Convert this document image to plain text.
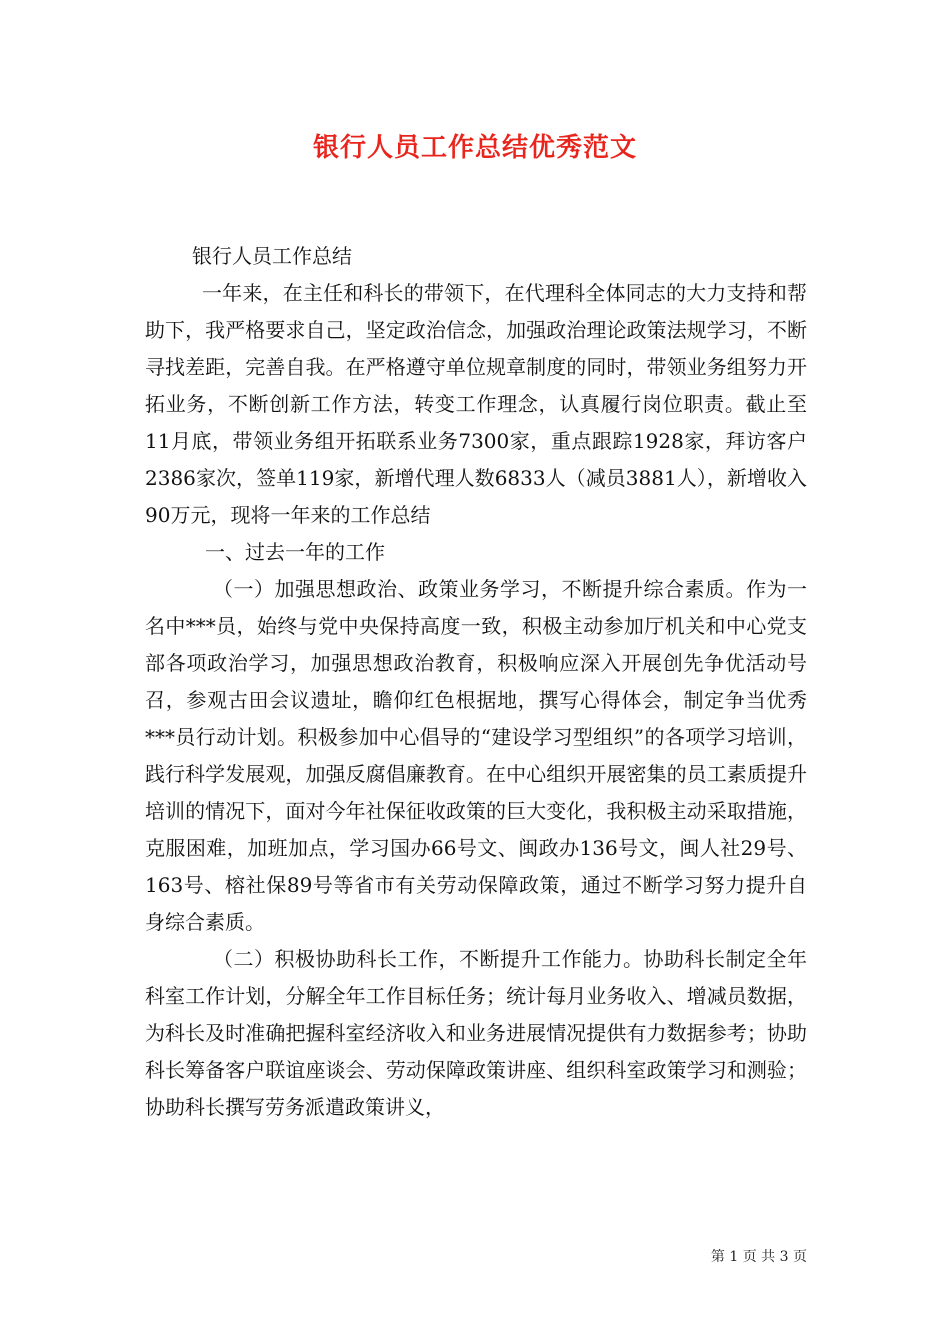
银行人员工作总结优秀范文

银行人员工作总结

一年来，在主任和科长的带领下，在代理科全体同志的大力支持和帮助下，我严格要求自己，坚定政治信念，加强政治理论政策法规学习，不断寻找差距，完善自我。在严格遵守单位规章制度的同时，带领业务组努力开拓业务，不断创新工作方法，转变工作理念，认真履行岗位职责。截止至11月底，带领业务组开拓联系业务7300家，重点跟踪1928家，拜访客户2386家次，签单119家，新增代理人数6833人（减员3881人），新增收入90万元，现将一年来的工作总结

一、过去一年的工作

（一）加强思想政治、政策业务学习，不断提升综合素质。作为一名中***员，始终与党中央保持高度一致，积极主动参加厅机关和中心党支部各项政治学习，加强思想政治教育，积极响应深入开展创先争优活动号召，参观古田会议遗址，瞻仰红色根据地，撰写心得体会，制定争当优秀***员行动计划。积极参加中心倡导的“建设学习型组织”的各项学习培训，践行科学发展观，加强反腐倡廉教育。在中心组织开展密集的员工素质提升培训的情况下，面对今年社保征收政策的巨大变化，我积极主动采取措施，克服困难，加班加点，学习国办66号文、闽政办136号文，闽人社29号、163号、榕社保89号等省市有关劳动保障政策，通过不断学习努力提升自身综合素质。

（二）积极协助科长工作，不断提升工作能力。协助科长制定全年科室工作计划，分解全年工作目标任务；统计每月业务收入、增减员数据，为科长及时准确把握科室经济收入和业务进展情况提供有力数据参考；协助科长筹备客户联谊座谈会、劳动保障政策讲座、组织科室政策学习和测验；协助科长撰写劳务派遣政策讲义，

第 1 页 共 3 页
